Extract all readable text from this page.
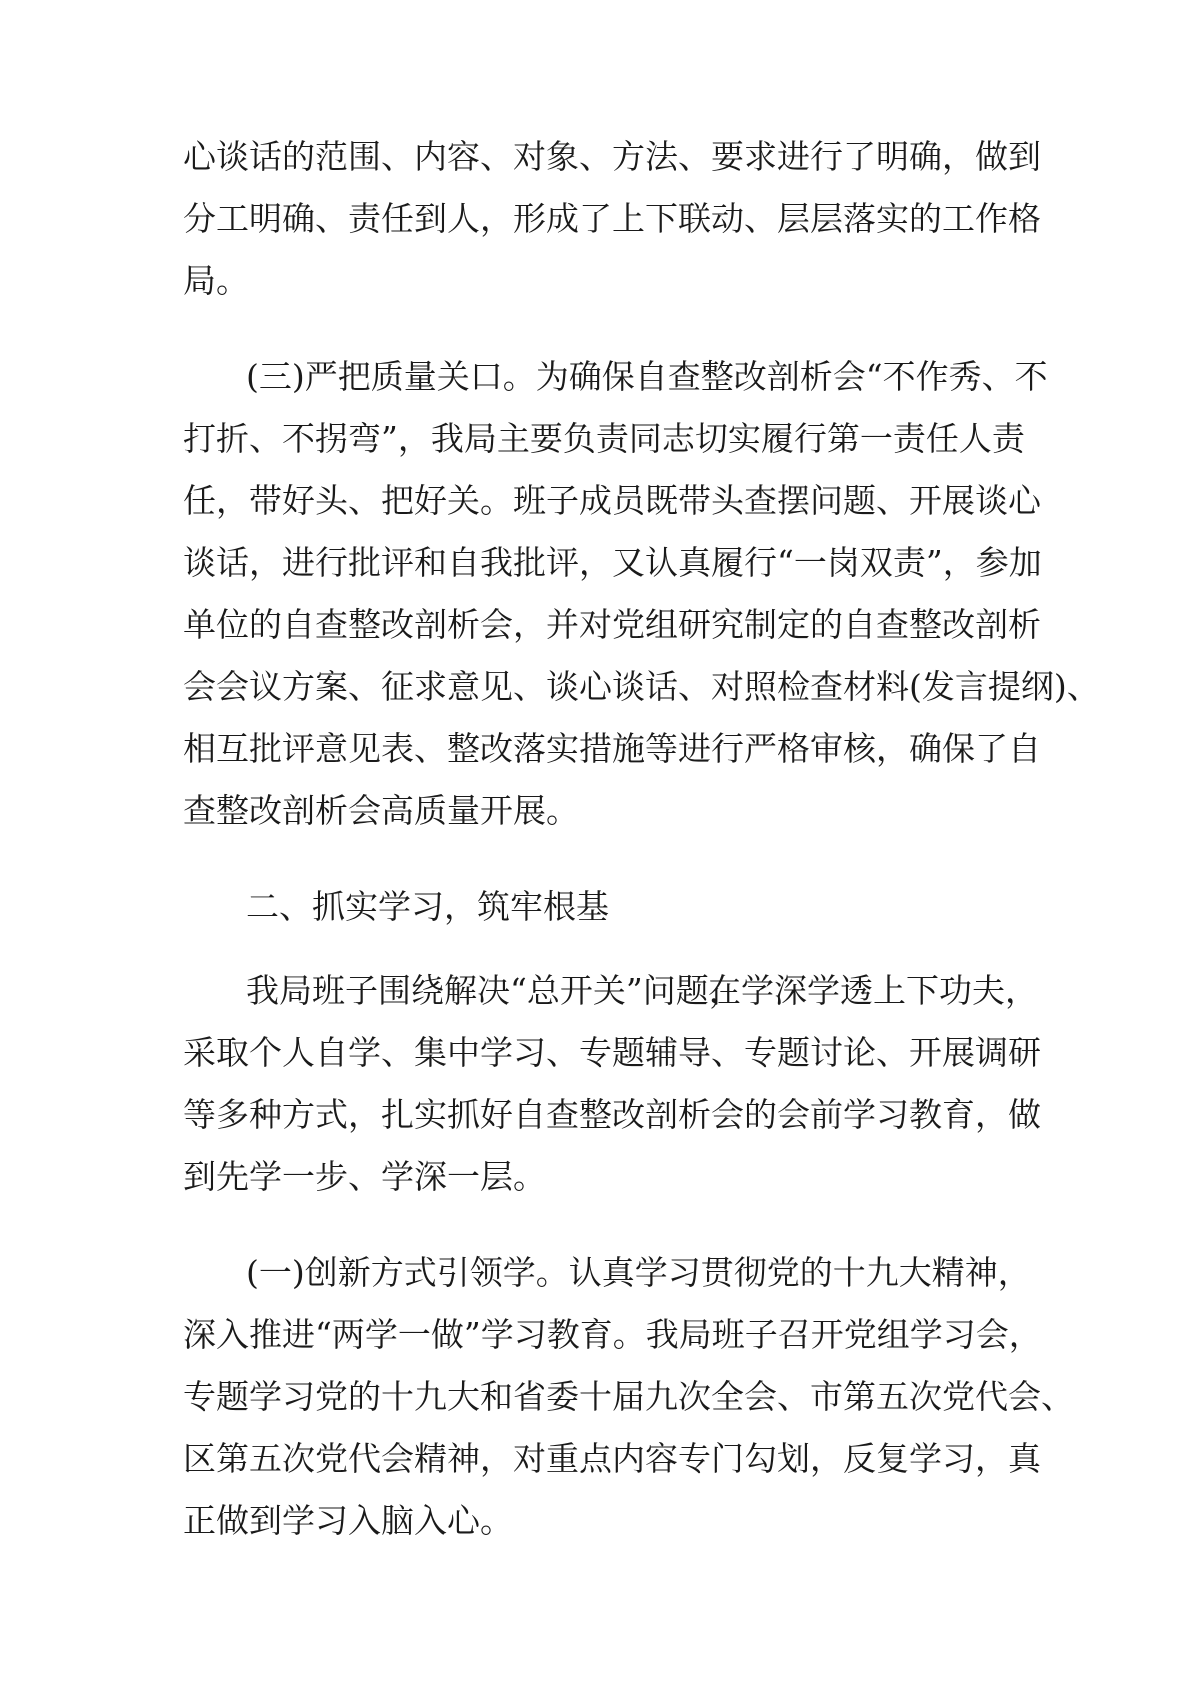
心谈话的范围、内容、对象、方法、要求进行了明确，做到

分工明确、责任到人，形成了上下联动、层层落实的工作格

局。

(三)严把质量关口。为确保自查整改剖析会“不作秀、不

打折、不拐弯”，我局主要负责同志切实履行第一责任人责

任，带好头、把好关。班子成员既带头查摆问题、开展谈心

谈话，进行批评和自我批评，又认真履行“一岗双责”，参加

单位的自查整改剖析会，并对党组研究制定的自查整改剖析

会会议方案、征求意见、谈心谈话、对照检查材料(发言提纲)、

相互批评意见表、整改落实措施等进行严格审核，确保了自

查整改剖析会高质量开展。

二、抓实学习，筑牢根基

我局班子围绕解决“总开关”问题，
在学深学透上下功夫，

采取个人自学、集中学习、专题辅导、专题讨论、开展调研

等多种方式，扎实抓好自查整改剖析会的会前学习教育，做

到先学一步、学深一层。

(一)创新方式引领学。认真学习贯彻党的十九大精神，

深入推进“两学一做”学习教育。我局班子召开党组学习会，

专题学习党的十九大和省委十届九次全会、市第五次党代会、

区第五次党代会精神，对重点内容专门勾划，反复学习，真

正做到学习入脑入心。
